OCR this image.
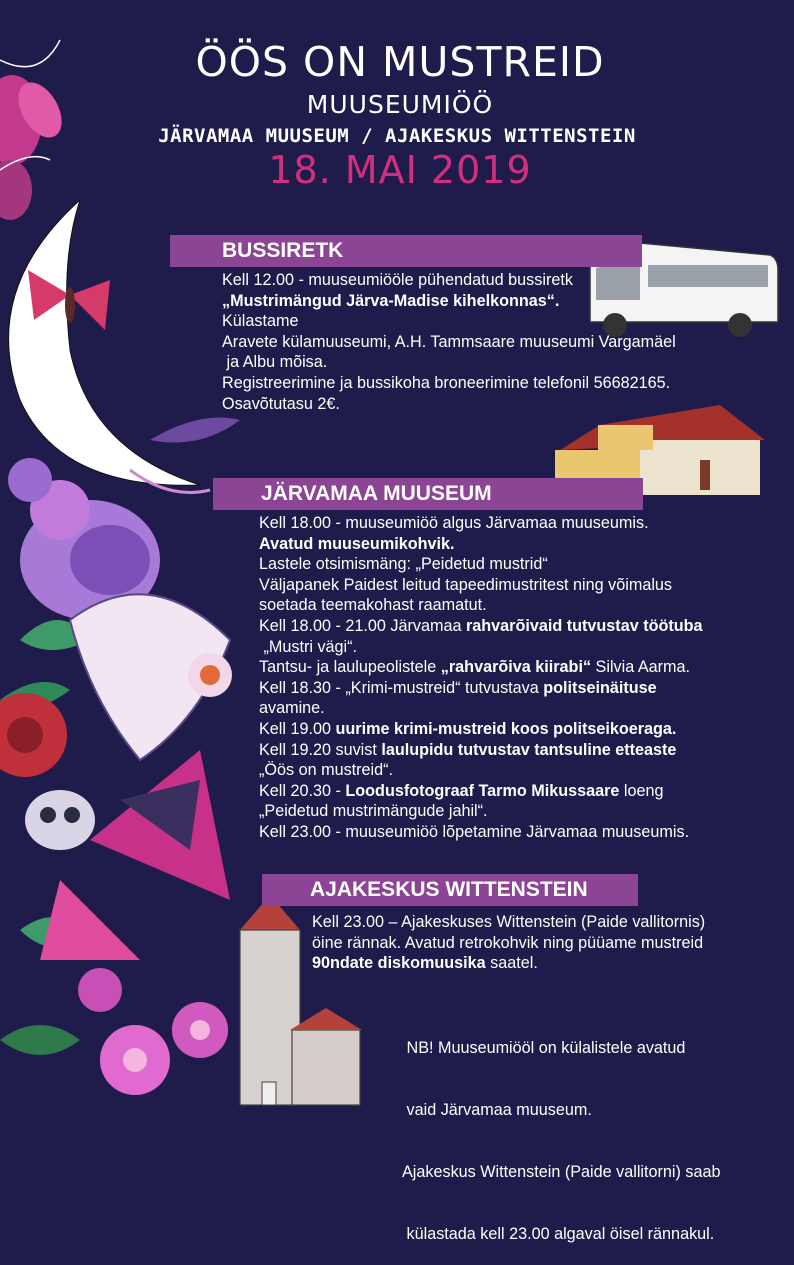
ÖÖS ON MUSTREID
MUUSEUMIÖÖ
JÄRVAMAA MUUSEUM / AJAKESKUS WITTENSTEIN
18. MAI 2019
BUSSIRETK
Kell 12.00 - muuseumiööle pühendatud bussiretk
„Mustrimängud Järva-Madise kihelkonnas“.
Külastame
Aravete külamuuseumi, A.H. Tammsaare muuseumi Vargamäel
ja Albu mõisa.
Registreerimine ja bussikoha broneerimine telefonil 56682165.
Osavõtutasu 2€.
JÄRVAMAA MUUSEUM
Kell 18.00 - muuseumiöö algus Järvamaa muuseumis.
Avatud muuseumikohvik.
Lastele otsimismäng: „Peidetud mustrid“
Väljapanek Paidest leitud tapeedimustritest ning võimalus
soetada teemakohast raamatut.
Kell 18.00 - 21.00 Järvamaa rahvarõivaid tutvustav töötuba
„Mustri vägi“.
Tantsu- ja laulupeolistele „rahvarõiva kiirabi“ Silvia Aarma.
Kell 18.30 - „Krimi-mustreid“ tutvustava politseinäituse
avamine.
Kell 19.00 uurime krimi-mustreid koos politseikoeraga.
Kell 19.20 suvist laulupidu tutvustav tantsuline etteaste
„Öös on mustreid“.
Kell 20.30 - Loodusfotograaf Tarmo Mikussaare loeng
„Peidetud mustrimängude jahil“.
Kell 23.00 - muuseumiöö lõpetamine Järvamaa muuseumis.
AJAKESKUS WITTENSTEIN
Kell 23.00 – Ajakeskuses Wittenstein (Paide vallitornis)
öine rännak. Avatud retrokohvik ning püüame mustreid
90ndate diskomuusika saatel.

NB! Muuseumiööl on külalistele avatud

vaid Järvamaa muuseum.

Ajakeskus Wittenstein (Paide vallitorni) saab

külastada kell 23.00 algaval öisel rännakul.
